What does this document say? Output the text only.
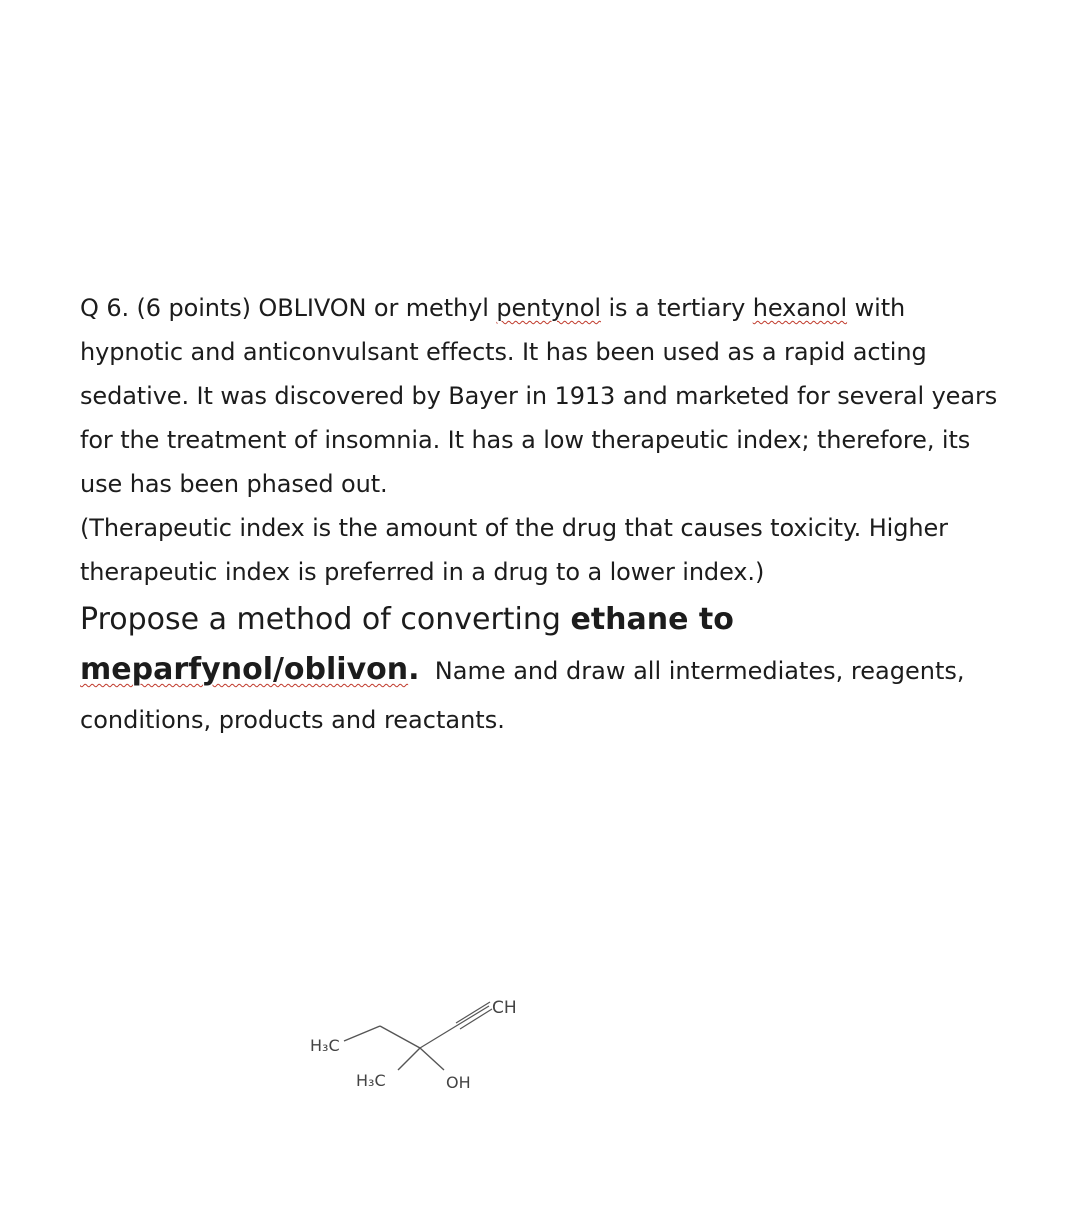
Q 6. (6 points) OBLIVON or methyl pentynol is a tertiary hexanol with hypnotic and anticonvulsant effects. It has been used as a rapid acting sedative. It was discovered by Bayer in 1913 and marketed for several years for the treatment of insomnia. It has a low therapeutic index; therefore, its use has been phased out.

(Therapeutic index is the amount of the drug that causes toxicity. Higher therapeutic index is preferred in a drug to a lower index.)

Propose a method of converting ethane to

meparfynol/oblivon.  Name and draw all intermediates, reagents,

conditions, products and reactants.

CH
H₃C
H₃C	OH
